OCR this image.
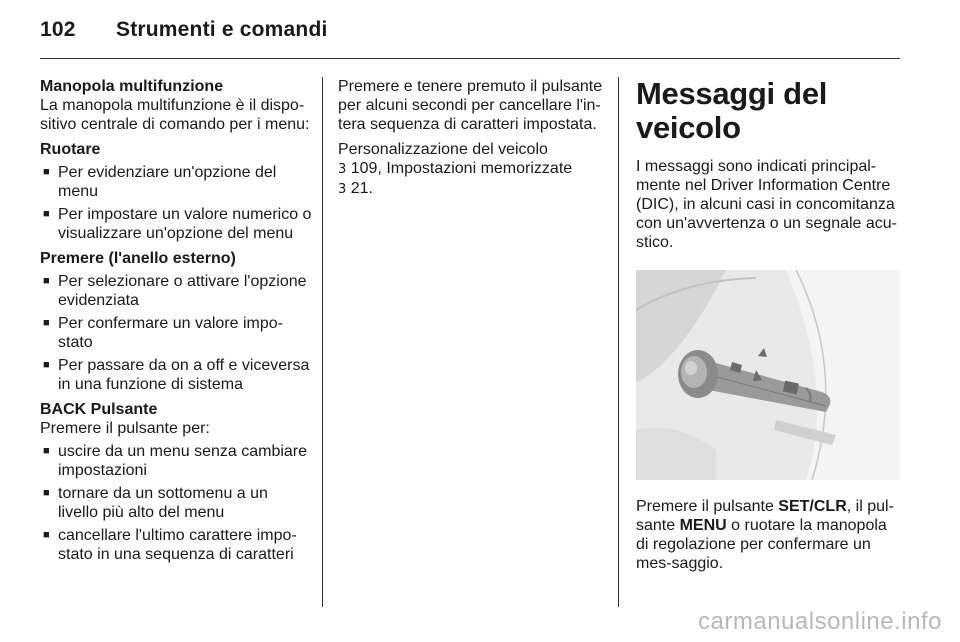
102 Strumenti e comandi

Manopola multifunzione

La manopola multifunzione è il dispo-sitivo centrale di comando per i menu:

Ruotare

■ Per evidenziare un'opzione del menu
■ Per impostare un valore numerico o visualizzare un'opzione del menu

Premere (l'anello esterno)

■ Per selezionare o attivare l'opzione evidenziata
■ Per confermare un valore impo-stato
■ Per passare da on a off e viceversa in una funzione di sistema

BACK Pulsante

Premere il pulsante per:

■ uscire da un menu senza cambiare impostazioni
■ tornare da un sottomenu a un livello più alto del menu
■ cancellare l'ultimo carattere impo-stato in una sequenza di caratteri

Premere e tenere premuto il pulsante per alcuni secondi per cancellare l'in-tera sequenza di caratteri impostata.

Personalizzazione del veicolo

3 109, Impostazioni memorizzate
3 21.
Messaggi del veicolo

I messaggi sono indicati principal-mente nel Driver Information Centre (DIC), in alcuni casi in concomitanza con un'avvertenza o un segnale acu-stico.

Premere il pulsante SET/CLR, il pul-sante MENU o ruotare la manopola di regolazione per confermare un mes-saggio.

carmanualsonline.info
